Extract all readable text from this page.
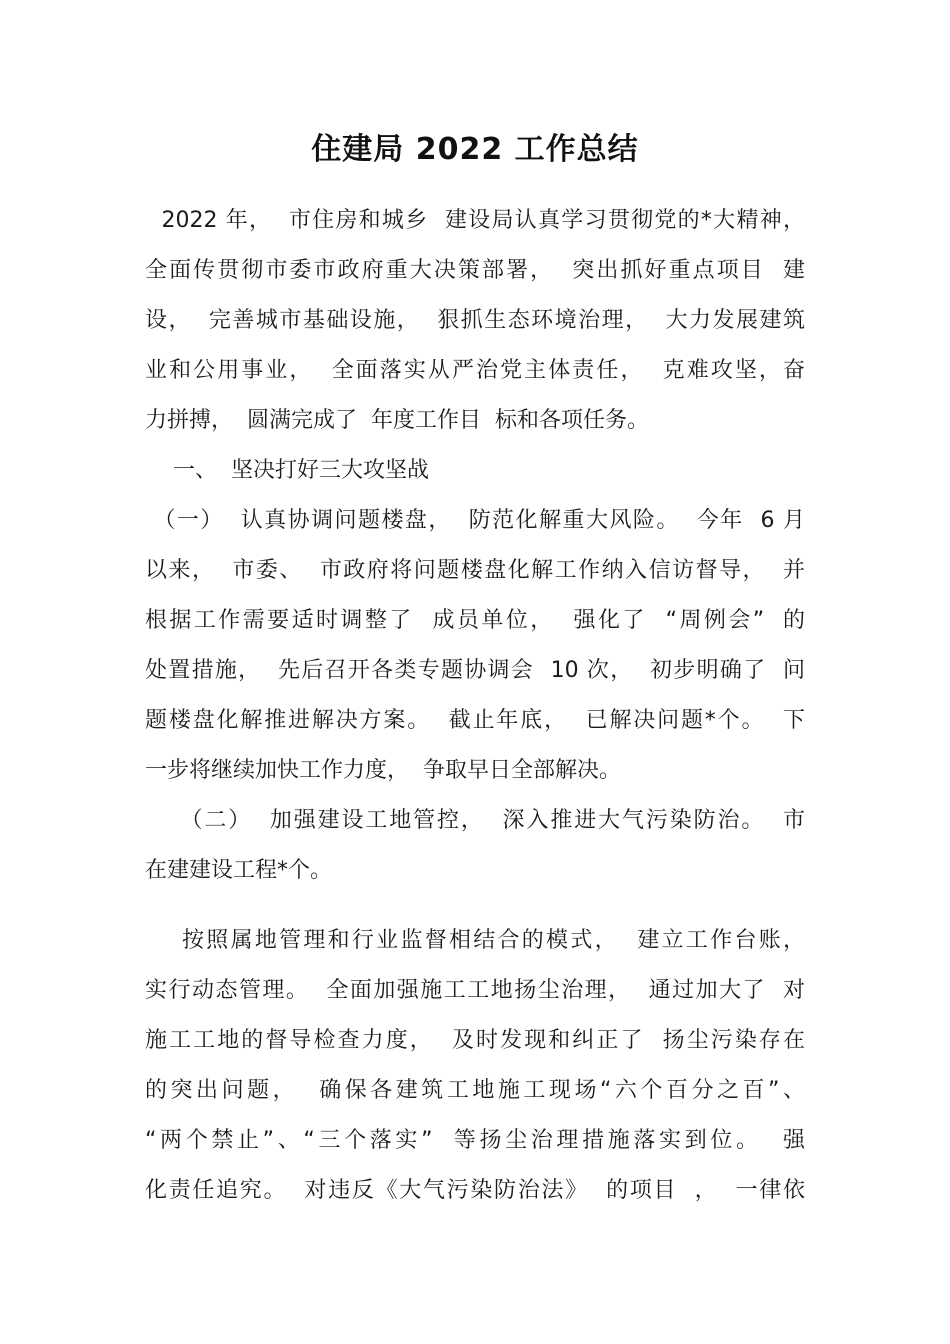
住建局 2022 工作总结

2022 年，  市住房和城乡  建设局认真学习贯彻党的*大精神，

全面传贯彻市委市政府重大决策部署，  突出抓好重点项目  建

设，  完善城市基础设施，  狠抓生态环境治理，  大力发展建筑

业和公用事业，  全面落实从严治党主体责任，  克难攻坚，奋

力拼搏，  圆满完成了  年度工作目  标和各项任务。

一、  坚决打好三大攻坚战

（一）  认真协调问题楼盘，  防范化解重大风险。  今年  6 月

以来，  市委、  市政府将问题楼盘化解工作纳入信访督导，  并

根据工作需要适时调整了  成员单位，  强化了  “周例会”  的

处置措施，  先后召开各类专题协调会  10 次，  初步明确了  问

题楼盘化解推进解决方案。  截止年底，  已解决问题*个。  下

一步将继续加快工作力度，  争取早日全部解决。

（二）  加强建设工地管控，  深入推进大气污染防治。  市

在建建设工程*个。

按照属地管理和行业监督相结合的模式，  建立工作台账，

实行动态管理。  全面加强施工工地扬尘治理，  通过加大了  对

施工工地的督导检查力度，  及时发现和纠正了  扬尘污染存在

的突出问题，  确保各建筑工地施工现场“六个百分之百”、

“两个禁止”、“三个落实”  等扬尘治理措施落实到位。  强

化责任追究。  对违反《大气污染防治法》  的项目  ，  一律依
